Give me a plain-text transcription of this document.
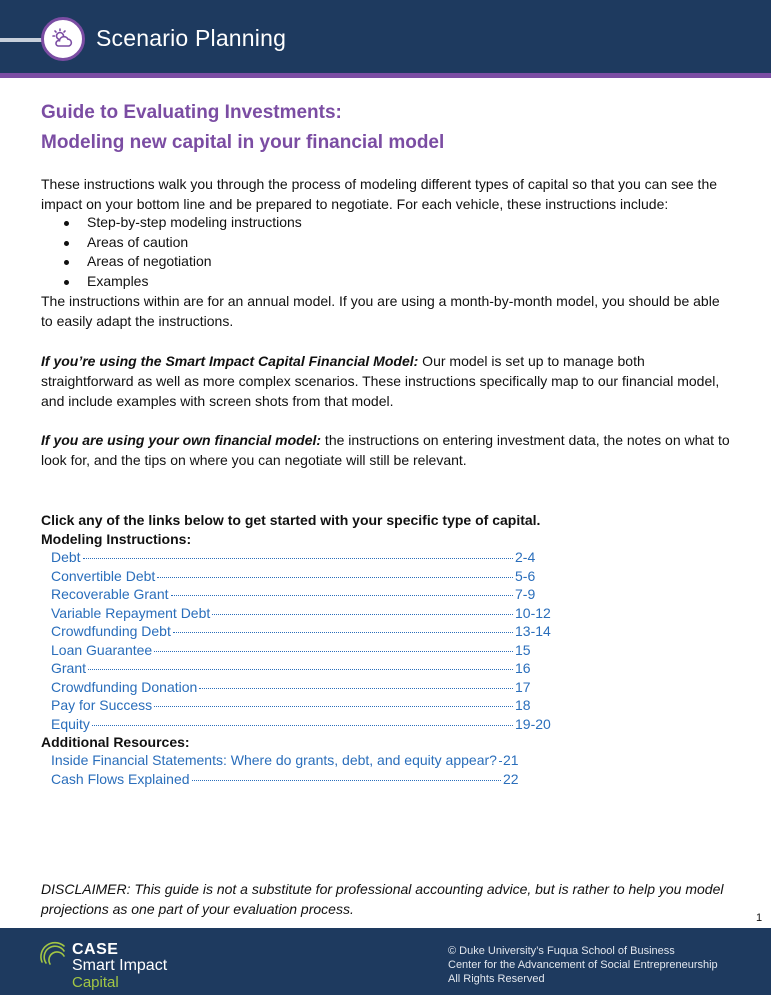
Scenario Planning
Guide to Evaluating Investments:
Modeling new capital in your financial model

These instructions walk you through the process of modeling different types of capital so that you can see the impact on your bottom line and be prepared to negotiate. For each vehicle, these instructions include:

Step-by-step modeling instructions
Areas of caution
Areas of negotiation
Examples

The instructions within are for an annual model. If you are using a month-by-month model, you should be able to easily adapt the instructions.

If you’re using the Smart Impact Capital Financial Model: Our model is set up to manage both straightforward as well as more complex scenarios. These instructions specifically map to our financial model, and include examples with screen shots from that model.

If you are using your own financial model: the instructions on entering investment data, the notes on what to look for, and the tips on where you can negotiate will still be relevant.

Click any of the links below to get started with your specific type of capital.
Modeling Instructions:
Debt	2-4
Convertible Debt	5-6
Recoverable Grant	7-9
Variable Repayment Debt	10-12
Crowdfunding Debt	13-14
Loan Guarantee	15
Grant	16
Crowdfunding Donation	17
Pay for Success	18
Equity	19-20
Additional Resources:
Inside Financial Statements: Where do grants, debt, and equity appear? 21
Cash Flows Explained	22

DISCLAIMER: This guide is not a substitute for professional accounting advice, but is rather to help you model projections as one part of your evaluation process.

1
CASE
Smart Impact
Capital
© Duke University’s Fuqua School of Business
Center for the Advancement of Social Entrepreneurship
All Rights Reserved
